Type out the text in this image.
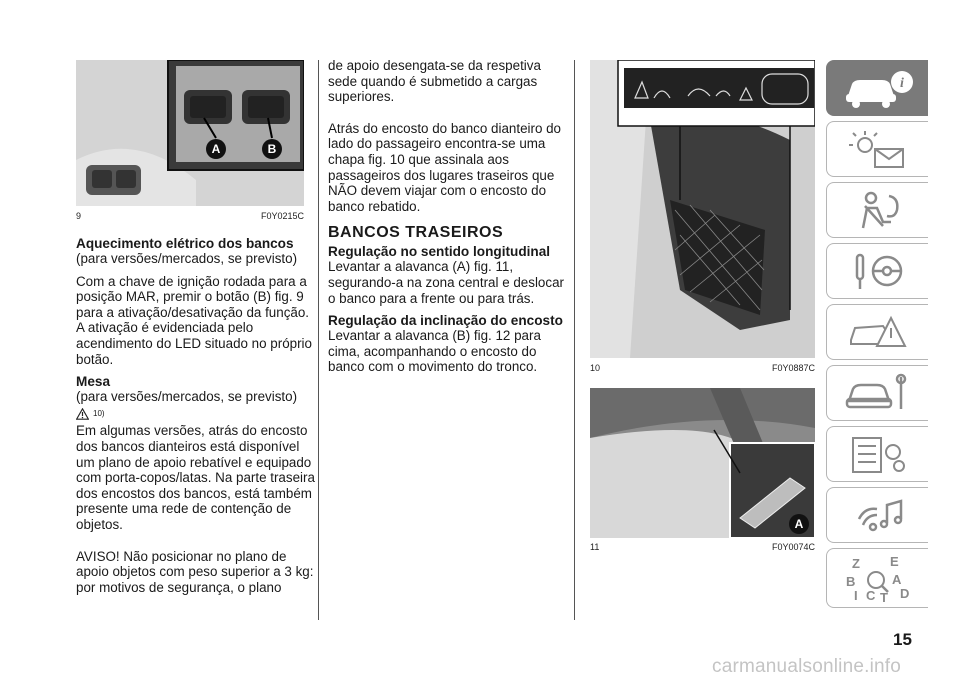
A	B
9	F0Y0215C
Aquecimento elétrico dos bancos

(para versões/mercados, se previsto)

Com a chave de ignição rodada para a posição MAR, premir o botão (B) fig. 9 para a ativação/desativação da função. A ativação é evidenciada pelo acendimento do LED situado no próprio botão.

Mesa

(para versões/mercados, se previsto)

10)

Em algumas versões, atrás do encosto dos bancos dianteiros está disponível um plano de apoio rebatível e equipado com porta-copos/latas. Na parte traseira dos encostos dos bancos, está também presente uma rede de contenção de objetos.

AVISO! Não posicionar no plano de apoio objetos com peso superior a 3 kg: por motivos de segurança, o plano

de apoio desengata-se da respetiva sede quando é submetido a cargas superiores.

Atrás do encosto do banco dianteiro do lado do passageiro encontra-se uma chapa fig. 10 que assinala aos passageiros dos lugares traseiros que NÃO devem viajar com o encosto do banco rebatido.

BANCOS TRASEIROS
Regulação no sentido longitudinal

Levantar a alavanca (A) fig. 11, segurando-a na zona central e deslocar o banco para a frente ou para trás.

Regulação da inclinação do encosto

Levantar a alavanca (B) fig. 12 para cima, acompanhando o encosto do banco com o movimento do tronco.	10	F0Y0887C
A
11	F0Y0074C
i
Z E
B	A
C T D
I
15
carmanualsonline.info
